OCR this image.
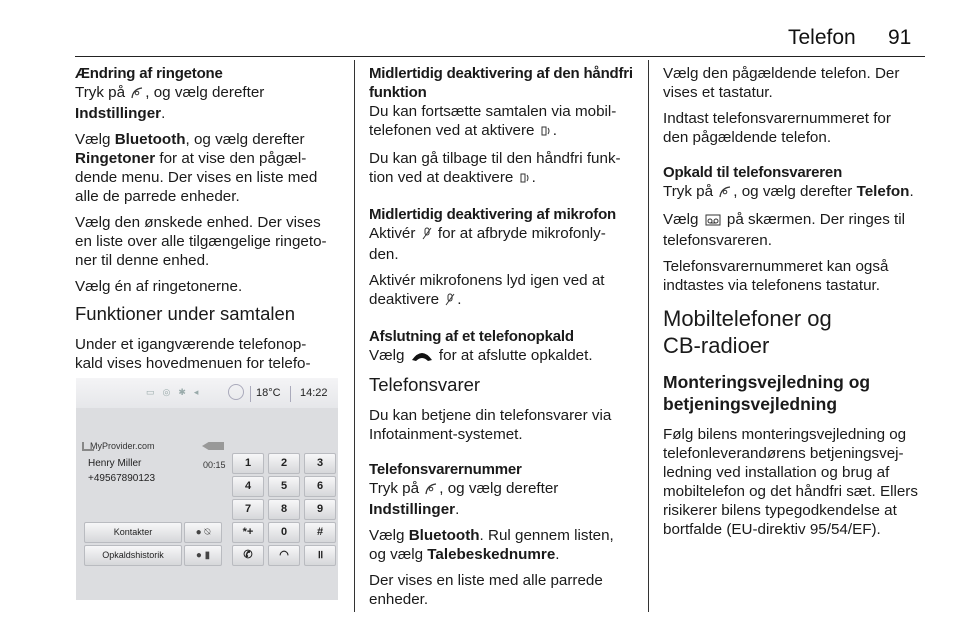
Telefon 91
Ændring af ringetone

Tryk på , og vælg derefter
Indstillinger.

Vælg Bluetooth, og vælg derefter
Ringetoner for at vise den pågæl-
dende menu. Der vises en liste med
alle de parrede enheder.

Vælg den ønskede enhed. Der vises
en liste over alle tilgængelige ringeto-
ner til denne enhed.

Vælg én af ringetonerne.

Funktioner under samtalen

Under et igangværende telefonop-
kald vises hovedmenuen for telefo-

▭◎✱◂	18°C 14:22
MyProvider.com
Henry Miller
+49567890123
00:15	1	2	3
4	5	6
7	8	9
*+	0	#
✆	◠	॥
Kontakter	● ⍉
Opkaldshistorik	● ▮
Midlertidig deaktivering af den håndfri funktion

Du kan fortsætte samtalen via mobil-
telefonen ved at aktivere .

Du kan gå tilbage til den håndfri funk-
tion ved at deaktivere .

Midlertidig deaktivering af mikrofon

Aktivér  for at afbryde mikrofonly-
den.

Aktivér mikrofonens lyd igen ved at
deaktivere .

Afslutning af et telefonopkald

Vælg  for at afslutte opkaldet.

Telefonsvarer

Du kan betjene din telefonsvarer via
Infotainment-systemet.

Telefonsvarernummer

Tryk på , og vælg derefter
Indstillinger.

Vælg Bluetooth. Rul gennem listen,
og vælg Talebeskednumre.

Der vises en liste med alle parrede
enheder.

Vælg den pågældende telefon. Der
vises et tastatur.

Indtast telefonsvarernummeret for
den pågældende telefon.

Opkald til telefonsvareren

Tryk på , og vælg derefter Telefon.

Vælg  på skærmen. Der ringes til
telefonsvareren.

Telefonsvarernummeret kan også
indtastes via telefonens tastatur.

Mobiltelefoner og
CB-radioer
Monteringsvejledning og
betjeningsvejledning

Følg bilens monteringsvejledning og
telefonleverandørens betjeningsvej-
ledning ved installation og brug af
mobiltelefon og det håndfri sæt. Ellers
risikerer bilens typegodkendelse at
bortfalde (EU-direktiv 95/54/EF).
